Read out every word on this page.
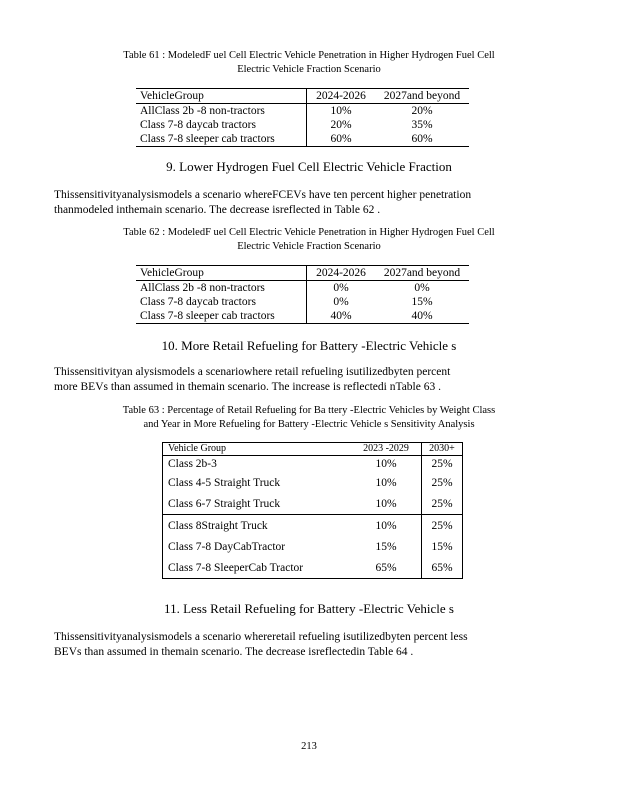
Table 61 : ModeledF uel Cell Electric Vehicle Penetration in Higher Hydrogen Fuel Cell
Electric Vehicle Fraction Scenario
VehicleGroup	2024-2026	2027and beyond
AllClass 2b -8 non-tractors	10%	20%
Class 7-8 daycab tractors	20%	35%
Class 7-8 sleeper cab tractors	60%	60%
9. Lower Hydrogen Fuel Cell Electric Vehicle Fraction
Thissensitivityanalysismodels a scenario whereFCEVs have ten percent higher penetration
thanmodeled inthemain scenario. The decrease isreflected in Table 62 .
Table 62 : ModeledF uel Cell Electric Vehicle Penetration in Higher Hydrogen Fuel Cell
Electric Vehicle Fraction Scenario
VehicleGroup	2024-2026	2027and beyond
AllClass 2b -8 non-tractors	0%	0%
Class 7-8 daycab tractors	0%	15%
Class 7-8 sleeper cab tractors	40%	40%
10. More Retail Refueling for Battery -Electric Vehicle s
Thissensitivityan alysismodels a scenariowhere retail refueling isutilizedbyten percent
more BEVs than assumed in themain scenario. The increase is reflectedi nTable 63 .
Table 63 : Percentage of Retail Refueling for Ba ttery -Electric Vehicles by Weight Class
and Year in More Refueling for Battery -Electric Vehicle s Sensitivity Analysis
Vehicle Group	2023 -2029	2030+
Class 2b-3	10%	25%
Class 4-5 Straight Truck	10%	25%
Class 6-7 Straight Truck	10%	25%
Class 8Straight Truck	10%	25%
Class 7-8 DayCabTractor	15%	15%
Class 7-8 SleeperCab Tractor	65%	65%
11. Less Retail Refueling for Battery -Electric Vehicle s
Thissensitivityanalysismodels a scenario whereretail refueling isutilizedbyten percent less
BEVs than assumed in themain scenario. The decrease isreflectedin Table 64 .
213
